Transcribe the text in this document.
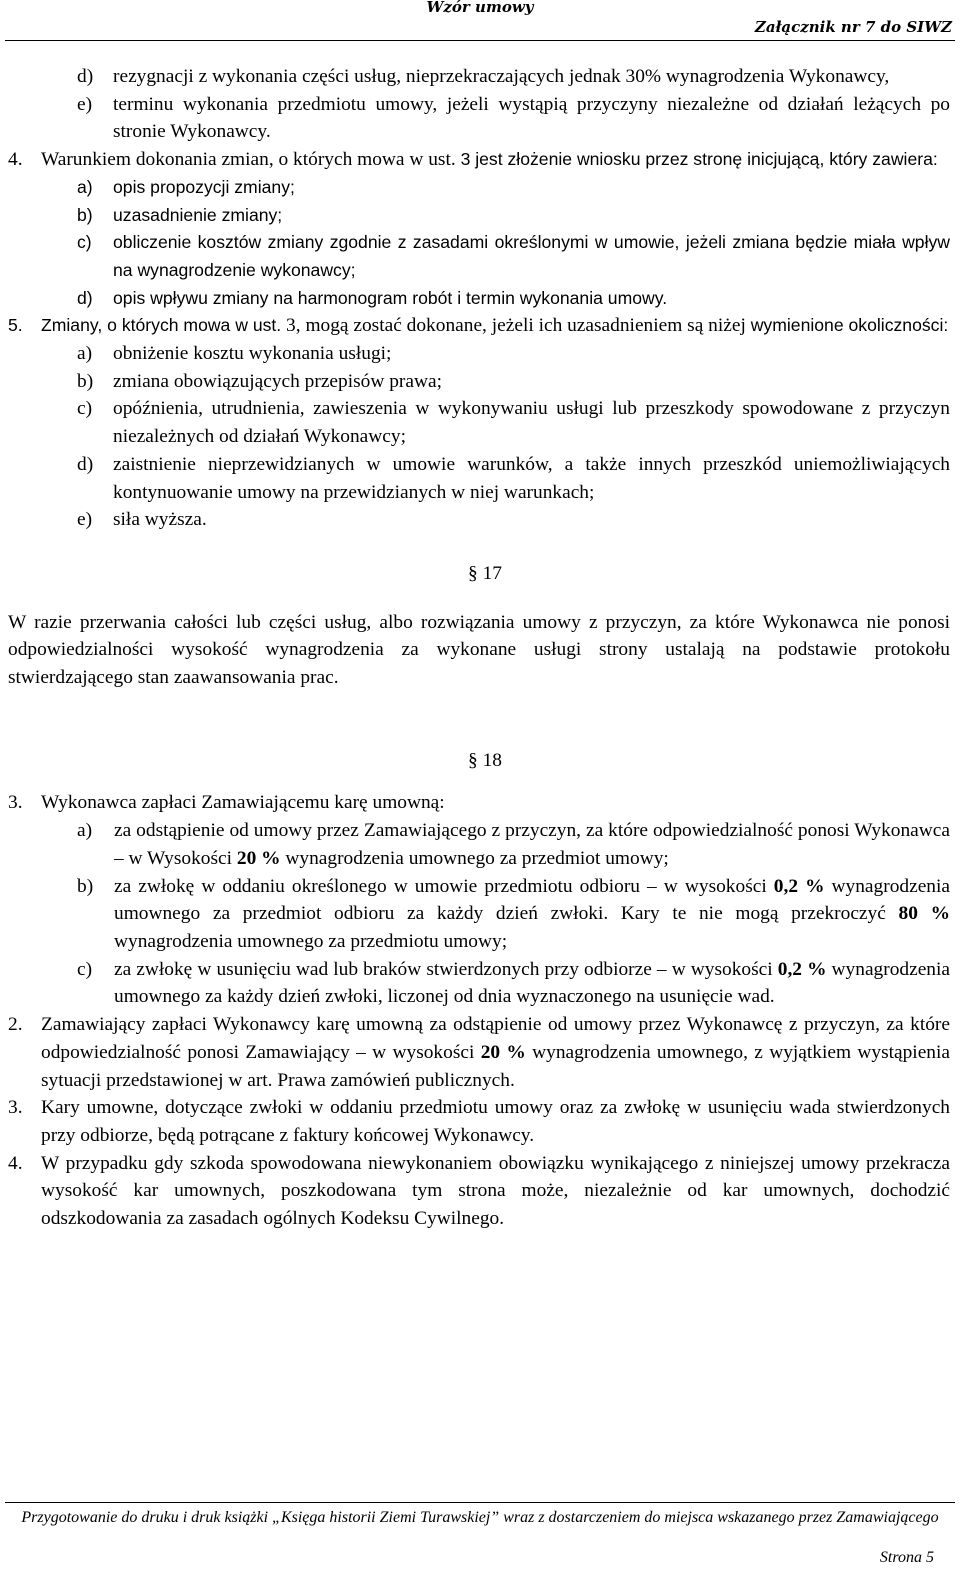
Wzór umowy
Załącznik nr 7 do SIWZ
d)	rezygnacji z wykonania części usług, nieprzekraczających jednak 30% wynagrodzenia Wykonawcy,
e)	terminu wykonania przedmiotu umowy, jeżeli wystąpią przyczyny niezależne od działań leżących po stronie Wykonawcy.
4. Warunkiem dokonania zmian, o których mowa w ust. 3 jest złożenie wniosku przez stronę inicjującą, który zawiera:
a)	opis propozycji zmiany;
b)	uzasadnienie zmiany;
c)	obliczenie kosztów zmiany zgodnie z zasadami określonymi w umowie, jeżeli zmiana będzie miała wpływ na wynagrodzenie wykonawcy;
d)	opis wpływu zmiany na harmonogram robót i termin wykonania umowy.
5.	Zmiany, o których mowa w ust. 3, mogą zostać dokonane, jeżeli ich uzasadnieniem są niżej wymienione okoliczności:
a)	obniżenie kosztu wykonania usługi;
b)	zmiana obowiązujących przepisów prawa;
c)	opóźnienia, utrudnienia, zawieszenia w wykonywaniu usługi lub przeszkody spowodowane z przyczyn niezależnych od działań Wykonawcy;
d)	zaistnienie nieprzewidzianych w umowie warunków, a także innych przeszkód uniemożliwiających kontynuowanie umowy na przewidzianych w niej warunkach;
e)	siła wyższa.
§ 17
W razie przerwania całości lub części usług, albo rozwiązania umowy z przyczyn, za które Wykonawca nie ponosi odpowiedzialności wysokość wynagrodzenia za wykonane usługi strony ustalają na podstawie protokołu stwierdzającego stan zaawansowania prac.
§ 18
3. Wykonawca zapłaci Zamawiającemu karę umowną:
a)	za odstąpienie od umowy przez Zamawiającego z przyczyn, za które odpowiedzialność ponosi Wykonawca – w Wysokości 20 % wynagrodzenia umownego za przedmiot umowy;
b)	za zwłokę w oddaniu określonego w umowie przedmiotu odbioru – w wysokości 0,2 % wynagrodzenia umownego za przedmiot odbioru za każdy dzień zwłoki. Kary te nie mogą przekroczyć 80 % wynagrodzenia umownego za przedmiotu umowy;
c)	za zwłokę w usunięciu wad lub braków stwierdzonych przy odbiorze – w wysokości 0,2 % wynagrodzenia umownego za każdy dzień zwłoki, liczonej od dnia wyznaczonego na usunięcie wad.
2. Zamawiający zapłaci Wykonawcy karę umowną za odstąpienie od umowy przez Wykonawcę z przyczyn, za które odpowiedzialność ponosi Zamawiający – w wysokości 20 % wynagrodzenia umownego, z wyjątkiem wystąpienia sytuacji przedstawionej w art. Prawa zamówień publicznych.
3. Kary umowne, dotyczące zwłoki w oddaniu przedmiotu umowy oraz za zwłokę w usunięciu wada stwierdzonych przy odbiorze, będą potrącane z faktury końcowej Wykonawcy.
4. W przypadku gdy szkoda spowodowana niewykonaniem obowiązku wynikającego z niniejszej umowy przekracza wysokość kar umownych, poszkodowana tym strona może, niezależnie od kar umownych, dochodzić odszkodowania za zasadach ogólnych Kodeksu Cywilnego.
Przygotowanie do druku i druk książki „Księga historii Ziemi Turawskiej” wraz z dostarczeniem do miejsca wskazanego przez Zamawiającego
Strona 5
